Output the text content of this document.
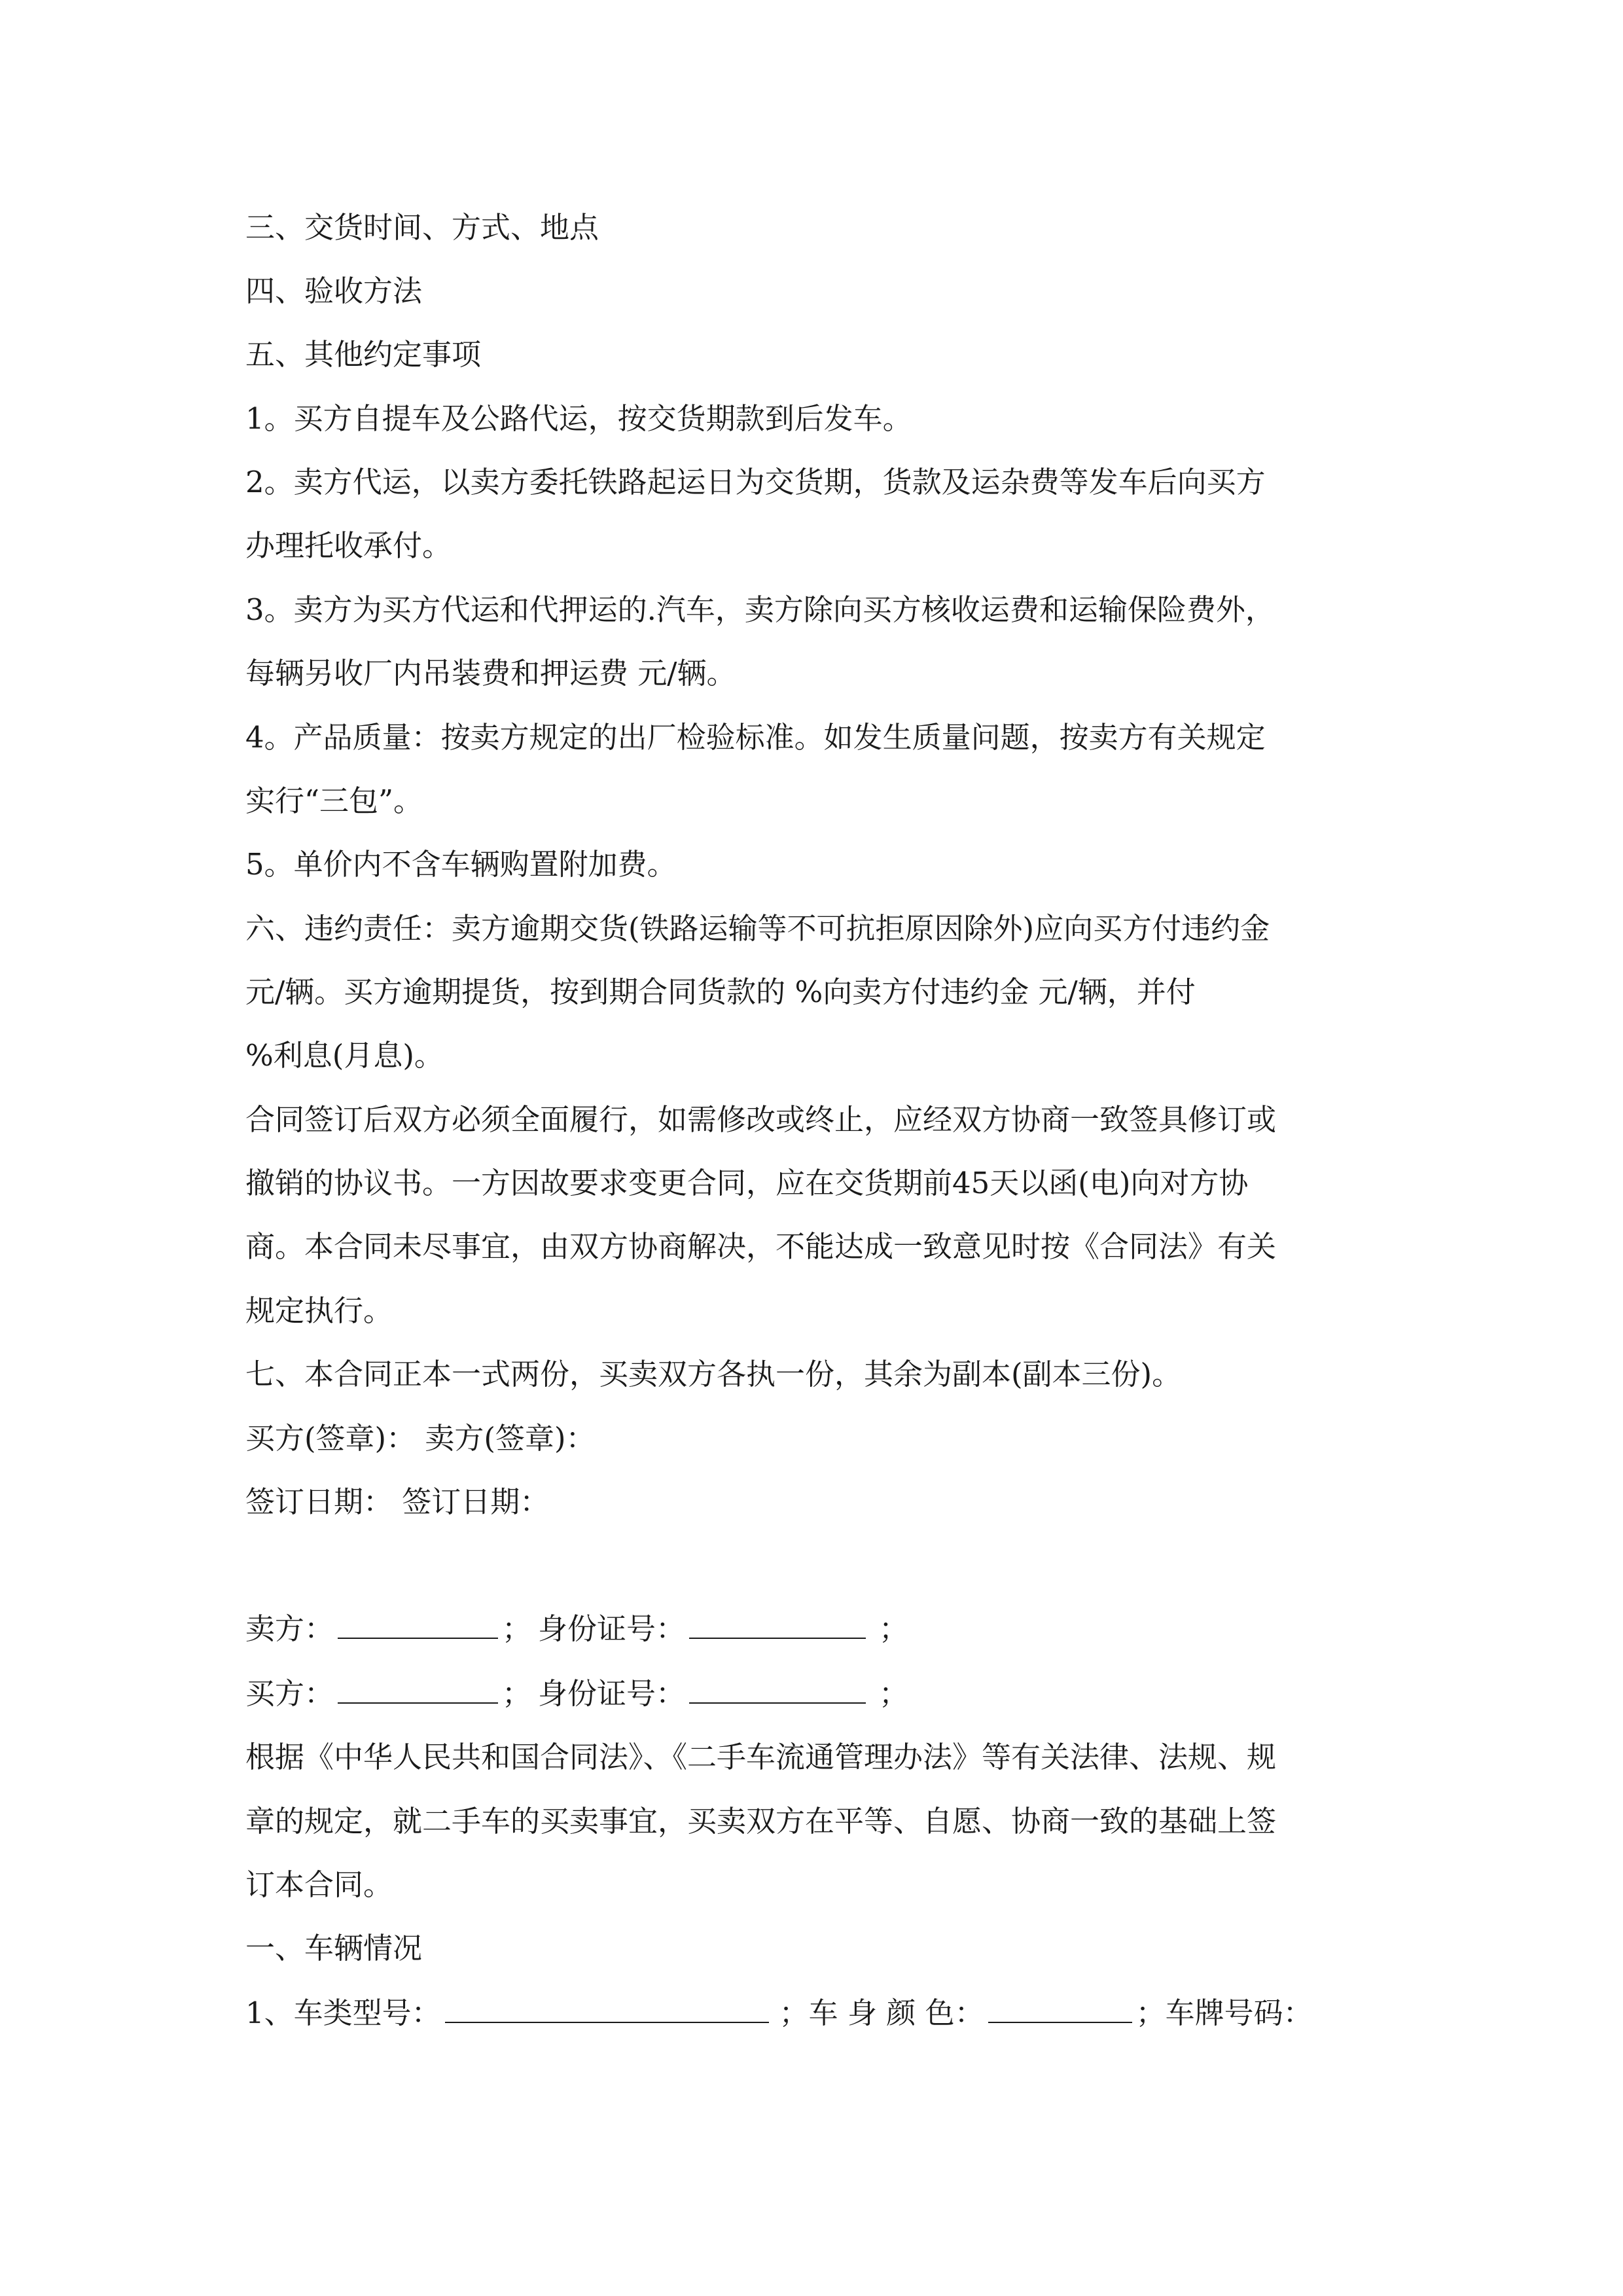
三、交货时间、方式、地点
四、验收方法
五、其他约定事项
1。买方自提车及公路代运，按交货期款到后发车。
2。卖方代运，以卖方委托铁路起运日为交货期，货款及运杂费等发车后向买方
办理托收承付。
3。卖方为买方代运和代押运的.汽车，卖方除向买方核收运费和运输保险费外，
每辆另收厂内吊装费和押运费 元/辆。
4。产品质量：按卖方规定的出厂检验标准。如发生质量问题，按卖方有关规定
实行“三包”。
5。单价内不含车辆购置附加费。
六、违约责任：卖方逾期交货(铁路运输等不可抗拒原因除外)应向买方付违约金
元/辆。买方逾期提货，按到期合同货款的 %向卖方付违约金 元/辆，并付
%利息(月息)。
合同签订后双方必须全面履行，如需修改或终止，应经双方协商一致签具修订或
撤销的协议书。一方因故要求变更合同，应在交货期前45天以函(电)向对方协
商。本合同未尽事宜，由双方协商解决，不能达成一致意见时按《合同法》有关
规定执行。
七、本合同正本一式两份，买卖双方各执一份，其余为副本(副本三份)。
买方(签章)： 卖方(签章)：
签订日期： 签订日期：
卖方：	； 身份证号：	；
买方：	； 身份证号：	；
根据《中华人民共和国合同法》、《二手车流通管理办法》等有关法律、法规、规
章的规定，就二手车的买卖事宜，买卖双方在平等、自愿、协商一致的基础上签
订本合同。
一、车辆情况
1、车类型号：	；车 身 颜 色：	；车牌号码：
